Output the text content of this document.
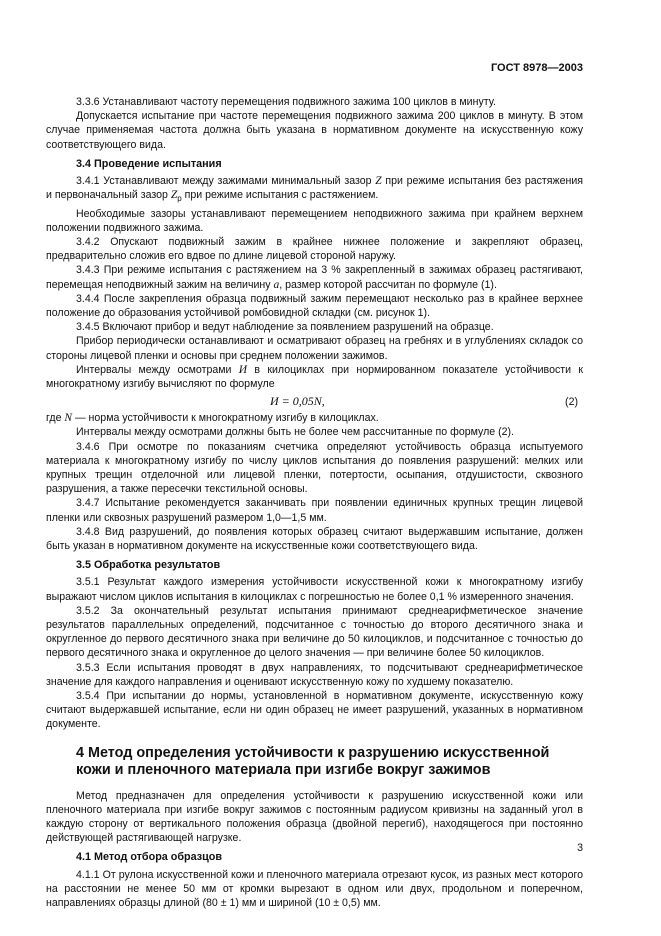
ГОСТ 8978—2003

3.3.6 Устанавливают частоту перемещения подвижного зажима 100 циклов в минуту.

Допускается испытание при частоте перемещения подвижного зажима 200 циклов в минуту. В этом случае применяемая частота должна быть указана в нормативном документе на искусственную кожу соответствующего вида.

3.4 Проведение испытания

3.4.1 Устанавливают между зажимами минимальный зазор Z при режиме испытания без растяжения и первоначальный зазор $Z_р$ при режиме испытания с растяжением.

Необходимые зазоры устанавливают перемещением неподвижного зажима при крайнем верхнем положении подвижного зажима.

3.4.2 Опускают подвижный зажим в крайнее нижнее положение и закрепляют образец, предварительно сложив его вдвое по длине лицевой стороной наружу.

3.4.3 При режиме испытания с растяжением на 3 % закрепленный в зажимах образец растягивают, перемещая неподвижный зажим на величину a, размер которой рассчитан по формуле (1).

3.4.4 После закрепления образца подвижный зажим перемещают несколько раз в крайнее верхнее положение до образования устойчивой ромбовидной складки (см. рисунок 1).

3.4.5 Включают прибор и ведут наблюдение за появлением разрушений на образце.

Прибор периодически останавливают и осматривают образец на гребнях и в углублениях складок со стороны лицевой пленки и основы при среднем положении зажимов.

Интервалы между осмотрами И в килоциклах при нормированном показателе устойчивости к многократному изгибу вычисляют по формуле

И = 0,05N,	(2)

где N — норма устойчивости к многократному изгибу в килоциклах.

Интервалы между осмотрами должны быть не более чем рассчитанные по формуле (2).

3.4.6 При осмотре по показаниям счетчика определяют устойчивость образца испытуемого материала к многократному изгибу по числу циклов испытания до появления разрушений: мелких или крупных трещин отделочной или лицевой пленки, потертости, осыпания, отдушистости, сквозного разрушения, а также пересечки текстильной основы.

3.4.7 Испытание рекомендуется заканчивать при появлении единичных крупных трещин лицевой пленки или сквозных разрушений размером 1,0—1,5 мм.

3.4.8 Вид разрушений, до появления которых образец считают выдержавшим испытание, должен быть указан в нормативном документе на искусственные кожи соответствующего вида.

3.5 Обработка результатов

3.5.1 Результат каждого измерения устойчивости искусственной кожи к многократному изгибу выражают числом циклов испытания в килоциклах с погрешностью не более 0,1 % измеренного значения.

3.5.2 За окончательный результат испытания принимают среднеарифметическое значение результатов параллельных определений, подсчитанное с точностью до второго десятичного знака и округленное до первого десятичного знака при величине до 50 килоциклов, и подсчитанное с точностью до первого десятичного знака и округленное до целого значения — при величине более 50 килоциклов.

3.5.3 Если испытания проводят в двух направлениях, то подсчитывают среднеарифметическое значение для каждого направления и оценивают искусственную кожу по худшему показателю.

3.5.4 При испытании до нормы, установленной в нормативном документе, искусственную кожу считают выдержавшей испытание, если ни один образец не имеет разрушений, указанных в нормативном документе.

4 Метод определения устойчивости к разрушению искусственной кожи и пленочного материала при изгибе вокруг зажимов

Метод предназначен для определения устойчивости к разрушению искусственной кожи или пленочного материала при изгибе вокруг зажимов с постоянным радиусом кривизны на заданный угол в каждую сторону от вертикального положения образца (двойной перегиб), находящегося при постоянно действующей растягивающей нагрузке.

4.1 Метод отбора образцов

4.1.1 От рулона искусственной кожи и пленочного материала отрезают кусок, из разных мест которого на расстоянии не менее 50 мм от кромки вырезают в одном или двух, продольном и поперечном, направлениях образцы длиной (80 ± 1) мм и шириной (10 ± 0,5) мм.

3
